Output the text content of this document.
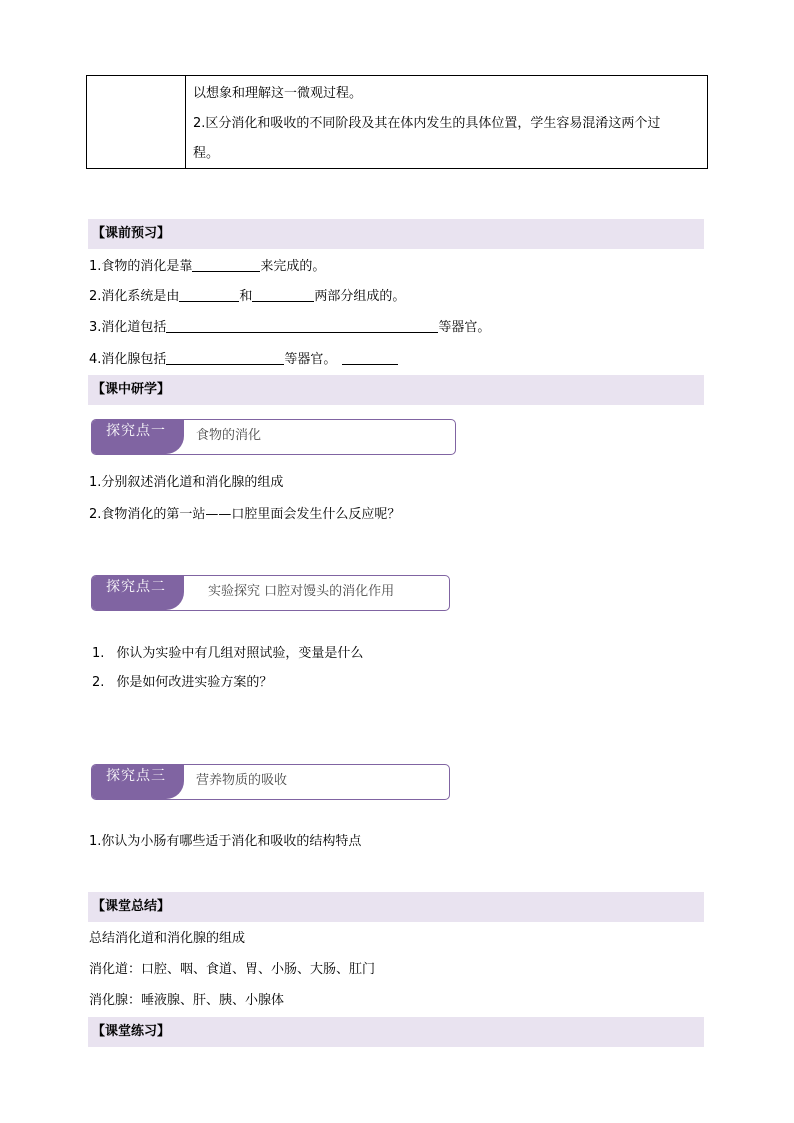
以想象和理解这一微观过程。
2.区分消化和吸收的不同阶段及其在体内发生的具体位置，学生容易混淆这两个过
程。
【课前预习】
1.食物的消化是靠	来完成的。
2.消化系统是由	和	两部分组成的。
3.消化道包括	等器官。
4.消化腺包括	等器官。
【课中研学】
探究点一 食物的消化
1.分别叙述消化道和消化腺的组成
2.食物消化的第一站——口腔里面会发生什么反应呢？
探究点二	实验探究 口腔对馒头的消化作用
1. 你认为实验中有几组对照试验，变量是什么
2. 你是如何改进实验方案的？
探究点三 营养物质的吸收
1.你认为小肠有哪些适于消化和吸收的结构特点
【课堂总结】
总结消化道和消化腺的组成
消化道：口腔、咽、食道、胃、小肠、大肠、肛门
消化腺：唾液腺、肝、胰、小腺体
【课堂练习】
